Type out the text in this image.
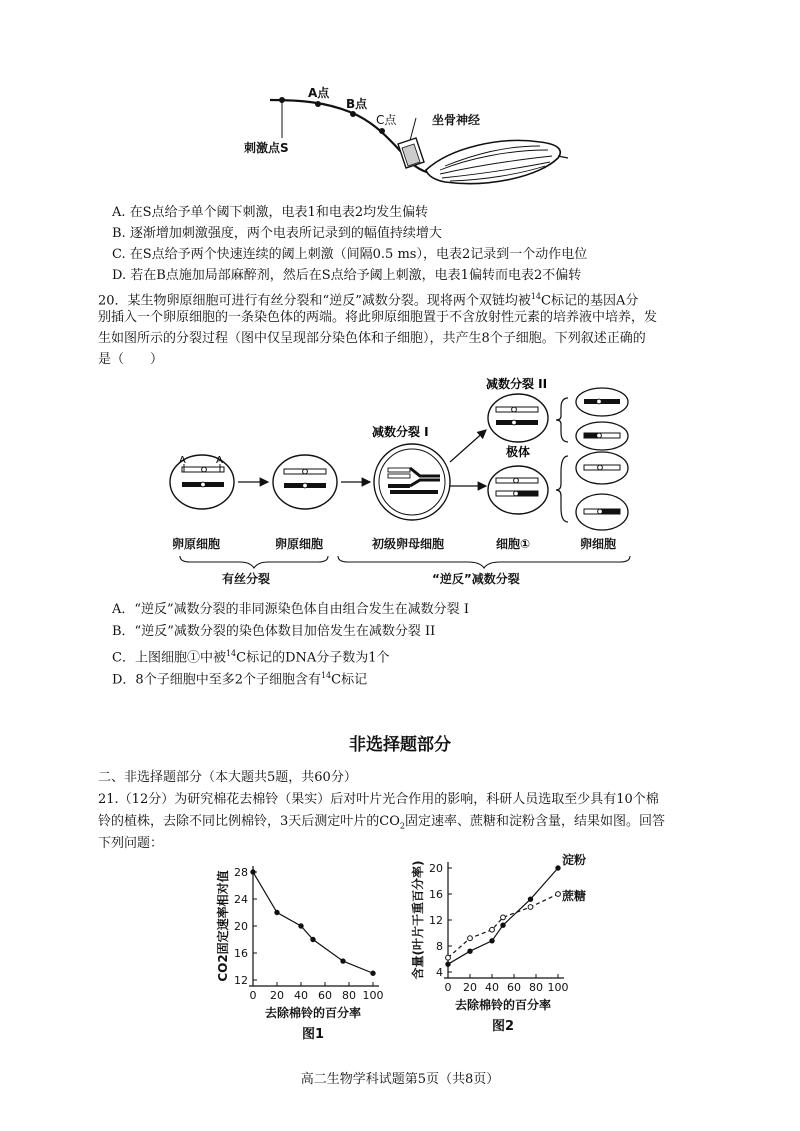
A点
B点
C点	坐骨神经
刺激点S
A. 在S点给予单个阈下刺激，电表1和电表2均发生偏转
B. 逐渐增加刺激强度，两个电表所记录到的幅值持续增大
C. 在S点给予两个快速连续的阈上刺激（间隔0.5 ms），电表2记录到一个动作电位
D. 若在B点施加局部麻醉剂，然后在S点给予阈上刺激，电表1偏转而电表2不偏转
20．某生物卵原细胞可进行有丝分裂和“逆反”减数分裂。现将两个双链均被$^{14}$C标记的基因A分
别插入一个卵原细胞的一条染色体的两端。将此卵原细胞置于不含放射性元素的培养液中培养，发
生如图所示的分裂过程（图中仅呈现部分染色体和子细胞），共产生8个子细胞。下列叙述正确的
是（　　）
A	A
减数分裂 I
减数分裂 II
极体
卵原细胞	卵原细胞	初级卵母细胞	细胞①	卵细胞
有丝分裂	“逆反”减数分裂
A．“逆反”减数分裂的非同源染色体自由组合发生在减数分裂 I
B．“逆反”减数分裂的染色体数目加倍发生在减数分裂 II
C．上图细胞①中被$^{14}$C标记的DNA分子数为1个
D．8个子细胞中至多2个子细胞含有$^{14}$C标记
非选择题部分
二、非选择题部分（本大题共5题，共60分）
21.（12分）为研究棉花去棉铃（果实）后对叶片光合作用的影响，科研人员选取至少具有10个棉
铃的植株，去除不同比例棉铃，3天后测定叶片的$CO_2$固定速率、蔗糖和淀粉含量，结果如图。回答
下列问题：
12
16
20
24
28
0 20 40 60 80 100
去除棉铃的百分率
CO2固定速率相对值
图1
4
8
12
16
20
0 20 40 60 80 100
去除棉铃的百分率
含量(叶片干重百分率)
图2
淀粉
蔗糖
高二生物学科试题第5页（共8页）
